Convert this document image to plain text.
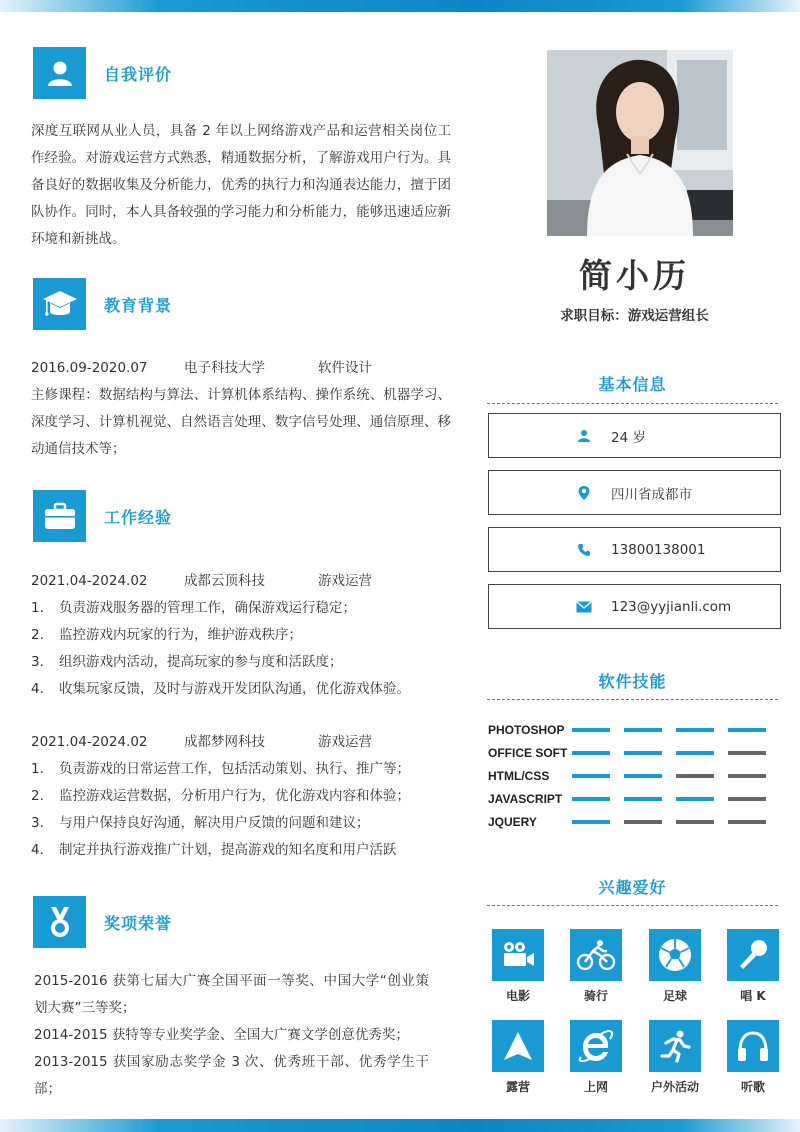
自我评价
深度互联网从业人员，具备 2 年以上网络游戏产品和运营相关岗位工作经验。对游戏运营方式熟悉，精通数据分析，了解游戏用户行为。具备良好的数据收集及分析能力，优秀的执行力和沟通表达能力，擅于团队协作。同时，本人具备较强的学习能力和分析能力，能够迅速适应新环境和新挑战。
教育背景
2016.09-2020.07	电子科技大学	软件设计
主修课程：数据结构与算法、计算机体系结构、操作系统、机器学习、深度学习、计算机视觉、自然语言处理、数字信号处理、通信原理、移动通信技术等；
工作经验
2021.04-2024.02	成都云顶科技	游戏运营
1.	负责游戏服务器的管理工作，确保游戏运行稳定；
2.	监控游戏内玩家的行为，维护游戏秩序；
3.	组织游戏内活动，提高玩家的参与度和活跃度；
4.	收集玩家反馈，及时与游戏开发团队沟通，优化游戏体验。
2021.04-2024.02	成都梦网科技	游戏运营
1.	负责游戏的日常运营工作，包括活动策划、执行、推广等；
2.	监控游戏运营数据，分析用户行为，优化游戏内容和体验；
3.	与用户保持良好沟通，解决用户反馈的问题和建议；
4.	制定并执行游戏推广计划，提高游戏的知名度和用户活跃
奖项荣誉
2015-2016 获第七届大广赛全国平面一等奖、中国大学“创业策划大赛”三等奖；
2014-2015 获特等专业奖学金、全国大广赛文学创意优秀奖；
2013-2015 获国家励志奖学金 3 次、优秀班干部、优秀学生干部；
简小历
求职目标：游戏运营组长
基本信息
24 岁
四川省成都市
13800138001
123@yyjianli.com
软件技能
PHOTOSHOP
OFFICE SOFT
HTML/CSS
JAVASCRIPT
JQUERY
兴趣爱好
电影	骑行	足球	唱 K
露营	上网	户外活动	听歌
